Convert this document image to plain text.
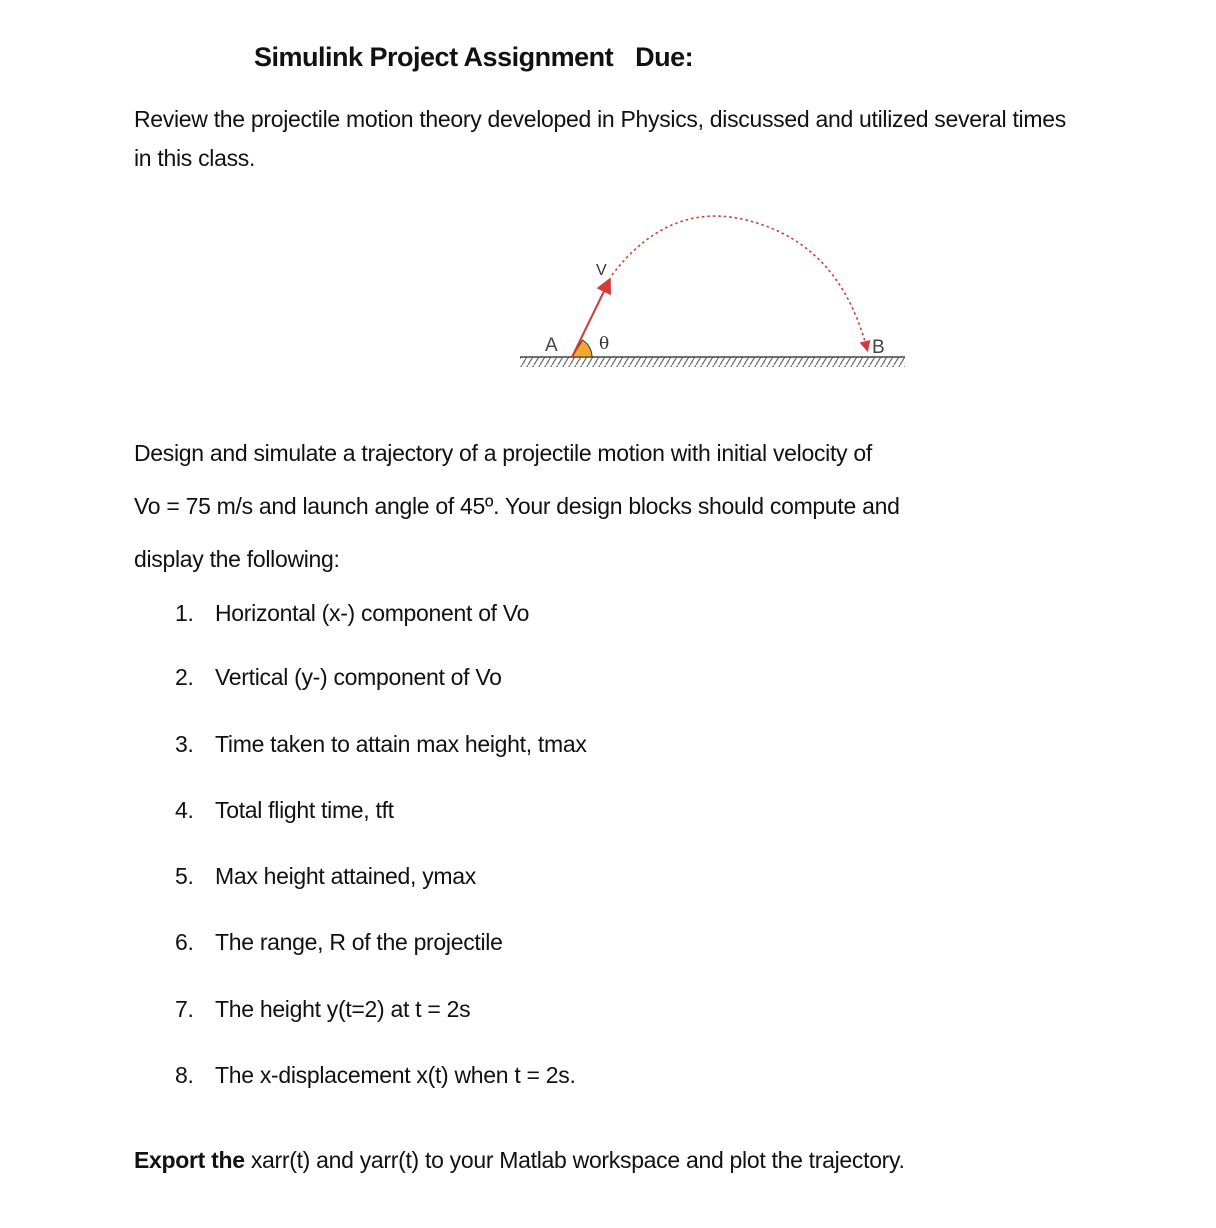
Simulink Project Assignment Due:
Review the projectile motion theory developed in Physics, discussed and utilized several times
in this class.
V
θ
A	B
Design and simulate a trajectory of a projectile motion with initial velocity of
Vo = 75 m/s and launch angle of 45º. Your design blocks should compute and
display the following:
1. Horizontal (x-) component of Vo
2. Vertical (y-) component of Vo
3. Time taken to attain max height, tmax
4. Total flight time, tft
5. Max height attained, ymax
6. The range, R of the projectile
7. The height y(t=2) at t = 2s
8. The x-displacement x(t) when t = 2s.
Export the xarr(t) and yarr(t) to your Matlab workspace and plot the trajectory.
